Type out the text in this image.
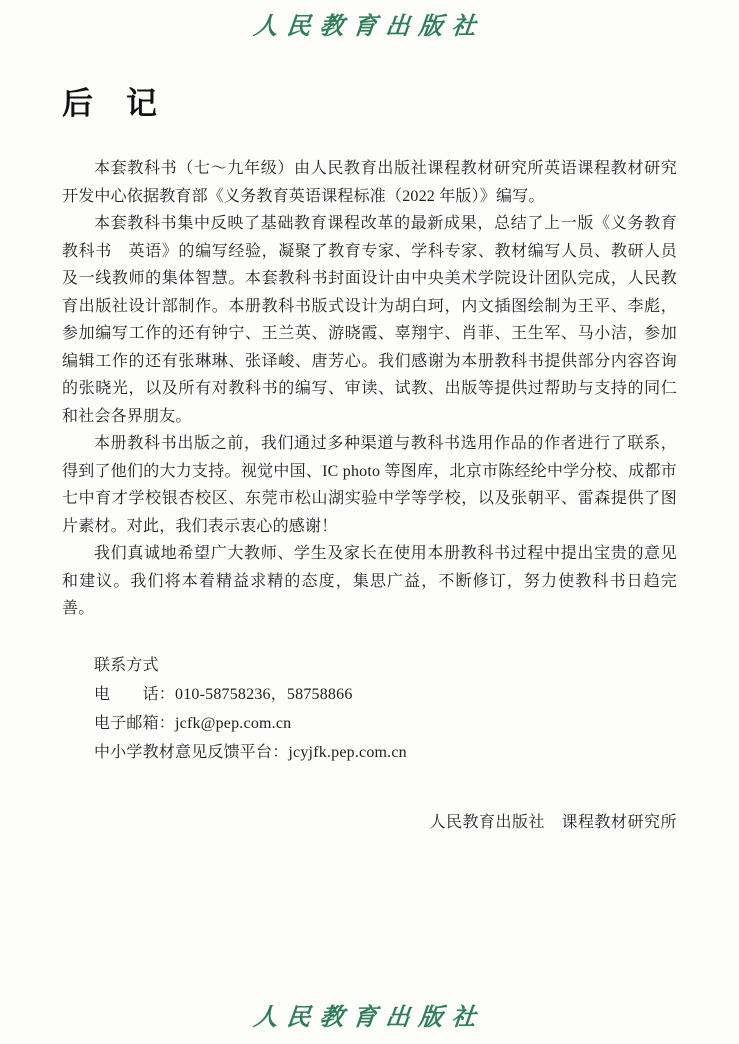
人民教育出版社
后　记

本套教科书（七～九年级）由人民教育出版社课程教材研究所英语课程教材研究开发中心依据教育部《义务教育英语课程标准（2022 年版）》编写。

本套教科书集中反映了基础教育课程改革的最新成果，总结了上一版《义务教育教科书　英语》的编写经验，凝聚了教育专家、学科专家、教材编写人员、教研人员及一线教师的集体智慧。本套教科书封面设计由中央美术学院设计团队完成，人民教育出版社设计部制作。本册教科书版式设计为胡白珂，内文插图绘制为王平、李彪，参加编写工作的还有钟宁、王兰英、游晓霞、辜翔宇、肖菲、王生军、马小洁，参加编辑工作的还有张琳琳、张译峻、唐芳心。我们感谢为本册教科书提供部分内容咨询的张晓光，以及所有对教科书的编写、审读、试教、出版等提供过帮助与支持的同仁和社会各界朋友。

本册教科书出版之前，我们通过多种渠道与教科书选用作品的作者进行了联系，得到了他们的大力支持。视觉中国、IC photo 等图库，北京市陈经纶中学分校、成都市七中育才学校银杏校区、东莞市松山湖实验中学等学校，以及张朝平、雷森提供了图片素材。对此，我们表示衷心的感谢！

我们真诚地希望广大教师、学生及家长在使用本册教科书过程中提出宝贵的意见和建议。我们将本着精益求精的态度，集思广益，不断修订，努力使教科书日趋完善。

联系方式
电　　话：010-58758236，58758866
电子邮箱：jcfk@pep.com.cn
中小学教材意见反馈平台：jcyjfk.pep.com.cn
人民教育出版社　课程教材研究所
人民教育出版社
